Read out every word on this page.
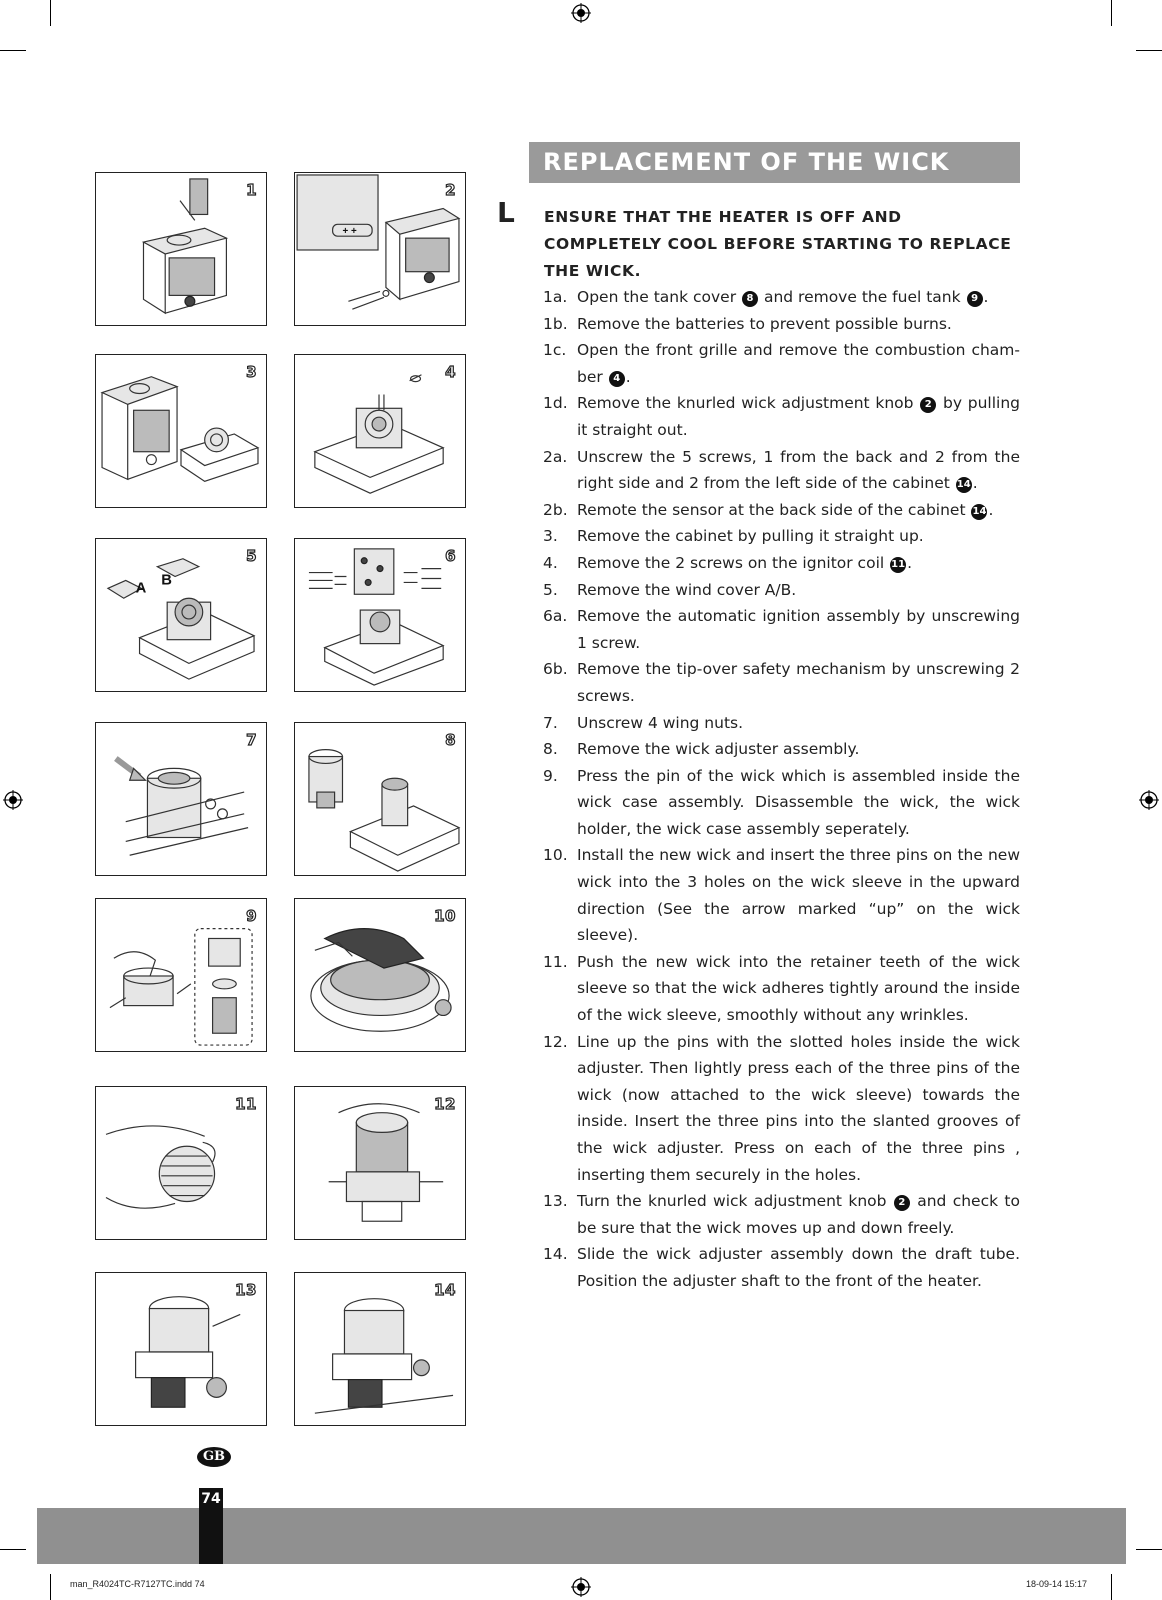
1	2
+ +
3	4
5
A B
6
7	8
9	10
11	12
13	14
REPLACEMENT OF THE WICK
L ENSURE THAT THE HEATER IS OFF AND COMPLETELY COOL BEFORE STARTING TO REPLACE THE WICK.
1a. Open the tank cover 8 and remove the fuel tank 9 .
1b. Remove the batteries to prevent possible burns.
1c. Open the front grille and remove the combustion cham-ber 4 .
1d. Remove the knurled wick adjustment knob 2 by pulling it straight out.
2a. Unscrew the 5 screws, 1 from the back and 2 from the right side and 2 from the left side of the cabinet 14 .
2b. Remote the sensor at the back side of the cabinet 14 .
3. Remove the cabinet by pulling it straight up.
4. Remove the 2 screws on the ignitor coil 11 .
5. Remove the wind cover A/B.
6a. Remove the automatic ignition assembly by unscrewing 1 screw.
6b. Remove the tip-over safety mechanism by unscrewing 2 screws.
7. Unscrew 4 wing nuts.
8. Remove the wick adjuster assembly.
9. Press the pin of the wick which is assembled inside the wick case assembly. Disassemble the wick, the wick holder, the wick case assembly seperately.
10. Install the new wick and insert the three pins on the new wick into the 3 holes on the wick sleeve in the upward direction (See the arrow marked “up” on the wick sleeve).
11. Push the new wick into the retainer teeth of the wick sleeve so that the wick adheres tightly around the inside of the wick sleeve, smoothly without any wrinkles.
12. Line up the pins with the slotted holes inside the wick adjuster. Then lightly press each of the three pins of the wick (now attached to the wick sleeve) towards the inside. Insert the three pins into the slanted grooves of the wick adjuster. Press on each of the three pins , inserting them securely in the holes.
13. Turn the knurled wick adjustment knob 2 and check to be sure that the wick moves up and down freely.
14. Slide the wick adjuster assembly down the draft tube. Position the adjuster shaft to the front of the heater.
GB
74
man_R4024TC-R7127TC.indd 74	18-09-14 15:17
